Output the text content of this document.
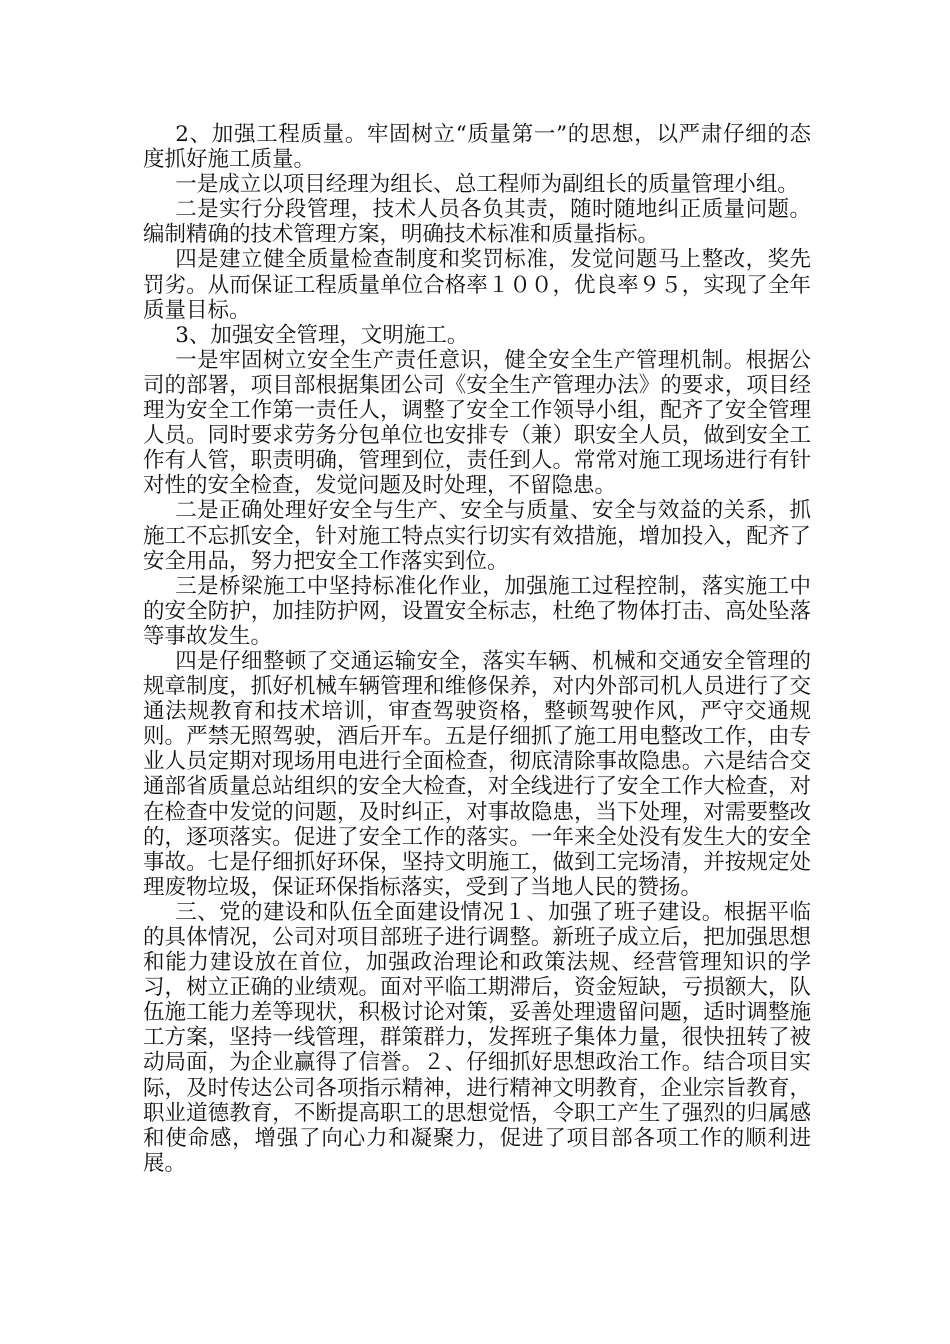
2、加强工程质量。牢固树立“质量第一”的思想，以严肃仔细的态度抓好施工质量。

一是成立以项目经理为组长、总工程师为副组长的质量管理小组。

二是实行分段管理，技术人员各负其责，随时随地纠正质量问题。编制精确的技术管理方案，明确技术标准和质量指标。

四是建立健全质量检查制度和奖罚标准，发觉问题马上整改，奖先罚劣。从而保证工程质量单位合格率１００，优良率９５，实现了全年质量目标。

3、加强安全管理，文明施工。

一是牢固树立安全生产责任意识，健全安全生产管理机制。根据公司的部署，项目部根据集团公司《安全生产管理办法》的要求，项目经理为安全工作第一责任人，调整了安全工作领导小组，配齐了安全管理人员。同时要求劳务分包单位也安排专（兼）职安全人员，做到安全工作有人管，职责明确，管理到位，责任到人。常常对施工现场进行有针对性的安全检查，发觉问题及时处理，不留隐患。

二是正确处理好安全与生产、安全与质量、安全与效益的关系，抓施工不忘抓安全，针对施工特点实行切实有效措施，增加投入，配齐了安全用品，努力把安全工作落实到位。

三是桥梁施工中坚持标准化作业，加强施工过程控制，落实施工中的安全防护，加挂防护网，设置安全标志，杜绝了物体打击、高处坠落等事故发生。

四是仔细整顿了交通运输安全，落实车辆、机械和交通安全管理的规章制度，抓好机械车辆管理和维修保养，对内外部司机人员进行了交通法规教育和技术培训，审查驾驶资格，整顿驾驶作风，严守交通规则。严禁无照驾驶，酒后开车。五是仔细抓了施工用电整改工作，由专业人员定期对现场用电进行全面检查，彻底清除事故隐患。六是结合交通部省质量总站组织的安全大检查，对全线进行了安全工作大检查，对在检查中发觉的问题，及时纠正，对事故隐患，当下处理，对需要整改的，逐项落实。促进了安全工作的落实。一年来全处没有发生大的安全事故。七是仔细抓好环保，坚持文明施工，做到工完场清，并按规定处理废物垃圾，保证环保指标落实，受到了当地人民的赞扬。

三、党的建设和队伍全面建设情况１、加强了班子建设。根据平临的具体情况，公司对项目部班子进行调整。新班子成立后，把加强思想和能力建设放在首位，加强政治理论和政策法规、经营管理知识的学习，树立正确的业绩观。面对平临工期滞后，资金短缺，亏损额大，队伍施工能力差等现状，积极讨论对策，妥善处理遗留问题，适时调整施工方案，坚持一线管理，群策群力，发挥班子集体力量，很快扭转了被动局面，为企业赢得了信誉。２、仔细抓好思想政治工作。结合项目实际，及时传达公司各项指示精神，进行精神文明教育，企业宗旨教育，职业道德教育，不断提高职工的思想觉悟，令职工产生了强烈的归属感和使命感，增强了向心力和凝聚力，促进了项目部各项工作的顺利进展。
